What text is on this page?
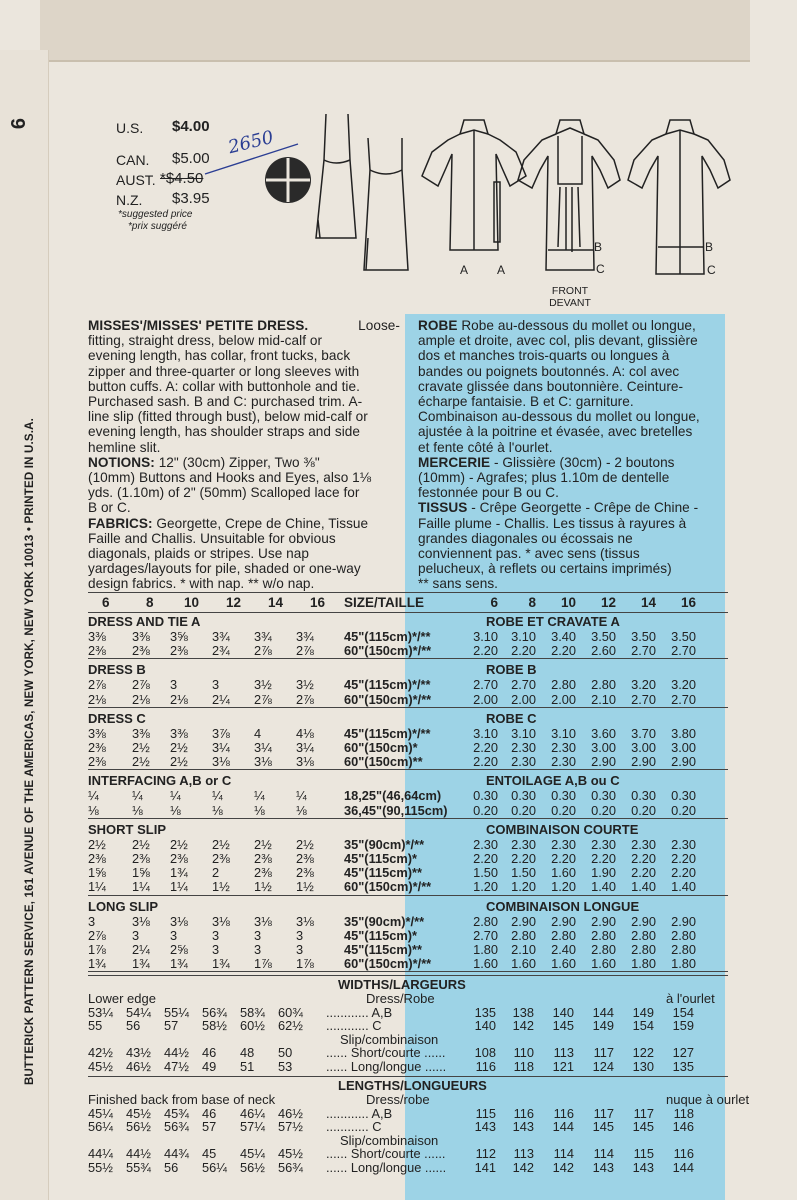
6
BUTTERICK PATTERN SERVICE, 161 AVENUE OF THE AMERICAS, NEW YORK, NEW YORK 10013 • PRINTED IN U.S.A.
U.S. $4.00
CAN. $5.00
AUST. *$4.50
N.Z. $3.95
*suggested price
*prix suggéré
2650
A A
B
C
B
C
FRONT
DEVANT
MISSES'/MISSES' PETITE DRESS.	Loose-
fitting, straight dress, below mid-calf or
evening length, has collar, front tucks, back
zipper and three-quarter or long sleeves with
button cuffs. A: collar with buttonhole and tie.
Purchased sash. B and C: purchased trim. A-
line slip (fitted through bust), below mid-calf or
evening length, has shoulder straps and side
hemline slit.
NOTIONS: 12" (30cm) Zipper, Two ⅜"
(10mm) Buttons and Hooks and Eyes, also 1⅛
yds. (1.10m) of 2" (50mm) Scalloped lace for
B or C.
FABRICS: Georgette, Crepe de Chine, Tissue
Faille and Challis. Unsuitable for obvious
diagonals, plaids or stripes. Use nap
yardages/layouts for pile, shaded or one-way
design fabrics. * with nap. ** w/o nap.
ROBE Robe au-dessous du mollet ou longue,
ample et droite, avec col, plis devant, glissière
dos et manches trois-quarts ou longues à
bandes ou poignets boutonnés. A: col avec
cravate glissée dans boutonnière. Ceinture-
écharpe fantaisie. B et C: garniture.
Combinaison au-dessous du mollet ou longue,
ajustée à la poitrine et évasée, avec bretelles
et fente côté à l'ourlet.
MERCERIE - Glissière (30cm) - 2 boutons
(10mm) - Agrafes; plus 1.10m de dentelle
festonnée pour B ou C.
TISSUS - Crêpe Georgette - Crêpe de Chine -
Faille plume - Challis. Les tissus à rayures à
grandes diagonales ou écossais ne
conviennent pas. * avec sens (tissus
pelucheux, à reflets ou certains imprimés)
** sans sens.
6	8 10 12 14 16 SIZE/TAILLE	6	8	10	12	14	16
DRESS AND TIE A	ROBE ET CRAVATE A
3⅜ 3⅜ 3⅝ 3¾ 3¾ 3¾ 45"(115cm)*/**	3.10	3.10	3.40	3.50	3.50	3.50
2⅜ 2⅜ 2⅜ 2¾ 2⅞ 2⅞ 60"(150cm)*/**	2.20	2.20	2.20	2.60	2.70	2.70
DRESS B	ROBE B
2⅞ 2⅞ 3	3	3½ 3½ 45"(115cm)*/**	2.70	2.70	2.80	2.80	3.20	3.20
2⅛ 2⅛ 2⅛ 2¼ 2⅞ 2⅞ 60"(150cm)*/**	2.00	2.00	2.00	2.10	2.70	2.70
DRESS C	ROBE C
3⅜ 3⅜ 3⅜ 3⅞ 4	4⅛ 45"(115cm)*/**	3.10	3.10	3.10	3.60	3.70	3.80
2⅜ 2½ 2½ 3¼ 3¼ 3¼ 60"(150cm)*	2.20	2.30	2.30	3.00	3.00	3.00
2⅜ 2½ 2½ 3⅛ 3⅛ 3⅛ 60"(150cm)**	2.20	2.30	2.30	2.90	2.90	2.90
INTERFACING A,B or C	ENTOILAGE A,B ou C
¼	¼ ¼ ¼ ¼ ¼	18,25"(46,64cm)	0.30	0.30	0.30	0.30	0.30	0.30
⅛	⅛ ⅛ ⅛ ⅛ ⅛	36,45"(90,115cm)	0.20	0.20	0.20	0.20	0.20	0.20
SHORT SLIP	COMBINAISON COURTE
2½ 2½ 2½ 2½ 2½ 2½ 35"(90cm)*/**	2.30	2.30	2.30	2.30	2.30	2.30
2⅜ 2⅜ 2⅜ 2⅜ 2⅜ 2⅜ 45"(115cm)*	2.20	2.20	2.20	2.20	2.20	2.20
1⅝ 1⅝ 1¾ 2	2⅜ 2⅜ 45"(115cm)**	1.50	1.50	1.60	1.90	2.20	2.20
1¼ 1¼ 1¼ 1½ 1½ 1½ 60"(150cm)*/**	1.20	1.20	1.20	1.40	1.40	1.40
LONG SLIP	COMBINAISON LONGUE
3	3⅛ 3⅛ 3⅛ 3⅛ 3⅛ 35"(90cm)*/**	2.80	2.90	2.90	2.90	2.90	2.90
2⅞ 3 3	3	3	3	45"(115cm)*	2.70	2.80	2.80	2.80	2.80	2.80
1⅞ 2¼ 2⅝ 3	3	3	45"(115cm)**	1.80	2.10	2.40	2.80	2.80	2.80
1¾ 1¾ 1¾ 1¾ 1⅞ 1⅞ 60"(150cm)*/**	1.60	1.60	1.60	1.60	1.80	1.80
WIDTHS/LARGEURS
Lower edge	Dress/Robe	à l'ourlet
53¼ 54¼ 55¼ 56¾ 58¾ 60¾ ............ A,B	135	138	140	144	149	154
55 56 57 58½ 60½ 62½ ............ C	140	142	145	149	154	159
Slip/combinaison
42½ 43½ 44½ 46 48 50	...... Short/courte ......	108	110	113	117	122	127
45½ 46½ 47½ 49 51 53	...... Long/longue ......	116	118	121	124	130	135
LENGTHS/LONGUEURS
Finished back from base of neck	Dress/robe	nuque à ourlet
45¼ 45½ 45¾ 46 46¼ 46½ ............ A,B	115	116	116	117	117	118
56¼ 56½ 56¾ 57 57¼ 57½ ............ C	143	143	144	145	145	146
Slip/combinaison
44¼ 44½ 44¾ 45 45¼ 45½ ...... Short/courte ......	112	113	114	114	115	116
55½ 55¾ 56 56¼ 56½ 56¾ ...... Long/longue ......	141	142	142	143	143	144
